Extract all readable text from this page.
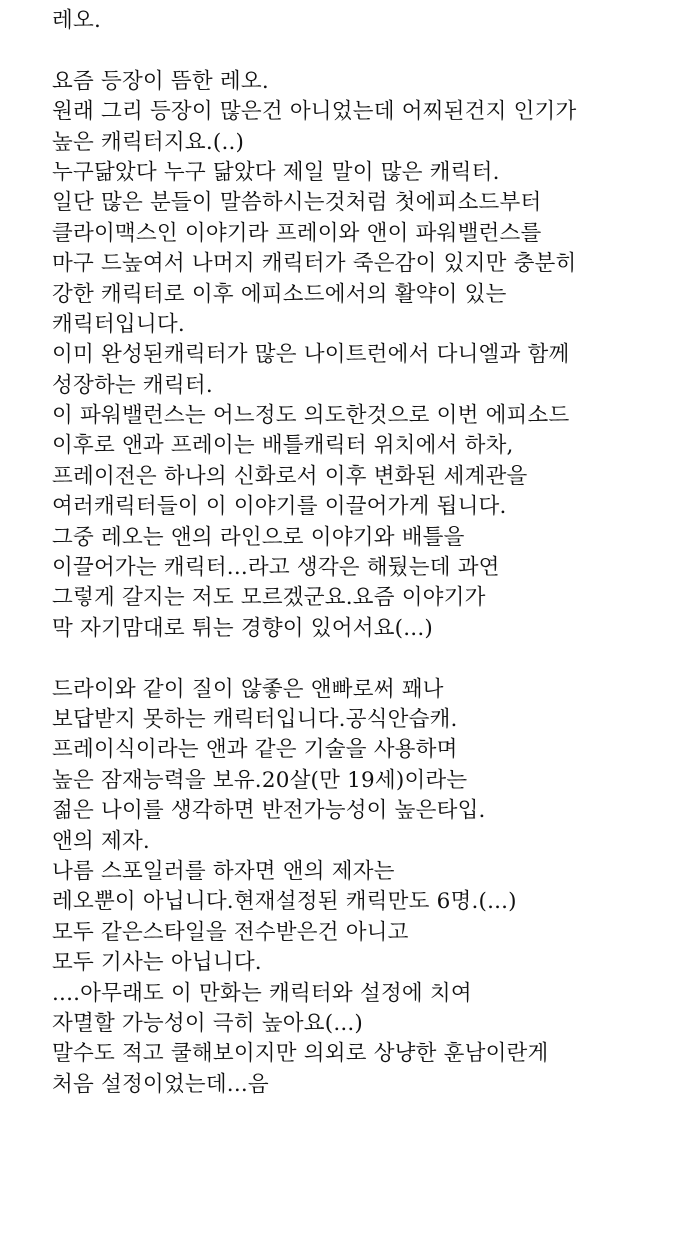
레오.
요즘 등장이 뜸한 레오.
원래 그리 등장이 많은건 아니었는데 어찌된건지 인기가
높은 캐릭터지요.(..)
누구닮았다 누구 닮았다 제일 말이 많은 캐릭터.
일단 많은 분들이 말씀하시는것처럼 첫에피소드부터
클라이맥스인 이야기라 프레이와 앤이 파워밸런스를
마구 드높여서 나머지 캐릭터가 죽은감이 있지만 충분히
강한 캐릭터로 이후 에피소드에서의 활약이 있는
캐릭터입니다.
이미 완성된캐릭터가 많은 나이트런에서 다니엘과 함께
성장하는 캐릭터.
이 파워밸런스는 어느정도 의도한것으로 이번 에피소드
이후로 앤과 프레이는 배틀캐릭터 위치에서 하차,
프레이전은 하나의 신화로서 이후 변화된 세계관을
여러캐릭터들이 이 이야기를 이끌어가게 됩니다.
그중 레오는 앤의 라인으로 이야기와 배틀을
이끌어가는 캐릭터...라고 생각은 해뒀는데 과연
그렇게 갈지는 저도 모르겠군요.요즘 이야기가
막 자기맘대로 튀는 경향이 있어서요(...)
드라이와 같이 질이 않좋은 앤빠로써 꽤나
보답받지 못하는 캐릭터입니다.공식안습캐.
프레이식이라는 앤과 같은 기술을 사용하며
높은 잠재능력을 보유.20살(만 19세)이라는
젊은 나이를 생각하면 반전가능성이 높은타입.
앤의 제자.
나름 스포일러를 하자면 앤의 제자는
레오뿐이 아닙니다.현재설정된 캐릭만도 6명.(...)
모두 같은스타일을 전수받은건 아니고
모두 기사는 아닙니다.
....아무래도 이 만화는 캐릭터와 설정에 치여
자멸할 가능성이 극히 높아요(...)
말수도 적고 쿨해보이지만 의외로 상냥한 훈남이란게
처음 설정이었는데...음
